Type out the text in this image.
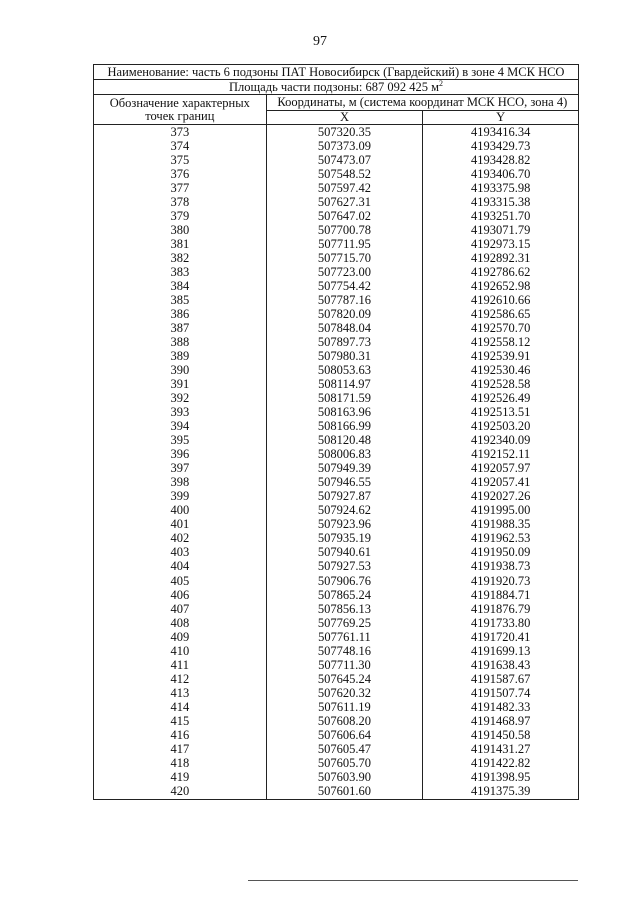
97
Наименование: часть 6 подзоны ПАТ Новосибирск (Гвардейский) в зоне 4 МСК НСО		
Площадь части подзоны: 687 092 425 $м^2$

Обозначение характерных
точек границ	Координаты, м (система координат МСК НСО, зона 4)	
	X	Y
373	507320.35	4193416.34
374	507373.09	4193429.73
375	507473.07	4193428.82
376	507548.52	4193406.70
377	507597.42	4193375.98
378	507627.31	4193315.38
379	507647.02	4193251.70
380	507700.78	4193071.79
381	507711.95	4192973.15
382	507715.70	4192892.31
383	507723.00	4192786.62
384	507754.42	4192652.98
385	507787.16	4192610.66
386	507820.09	4192586.65
387	507848.04	4192570.70
388	507897.73	4192558.12
389	507980.31	4192539.91
390	508053.63	4192530.46
391	508114.97	4192528.58
392	508171.59	4192526.49
393	508163.96	4192513.51
394	508166.99	4192503.20
395	508120.48	4192340.09
396	508006.83	4192152.11
397	507949.39	4192057.97
398	507946.55	4192057.41
399	507927.87	4192027.26
400	507924.62	4191995.00
401	507923.96	4191988.35
402	507935.19	4191962.53
403	507940.61	4191950.09
404	507927.53	4191938.73
405	507906.76	4191920.73
406	507865.24	4191884.71
407	507856.13	4191876.79
408	507769.25	4191733.80
409	507761.11	4191720.41
410	507748.16	4191699.13
411	507711.30	4191638.43
412	507645.24	4191587.67
413	507620.32	4191507.74
414	507611.19	4191482.33
415	507608.20	4191468.97
416	507606.64	4191450.58
417	507605.47	4191431.27
418	507605.70	4191422.82
419	507603.90	4191398.95
420	507601.60	4191375.39
